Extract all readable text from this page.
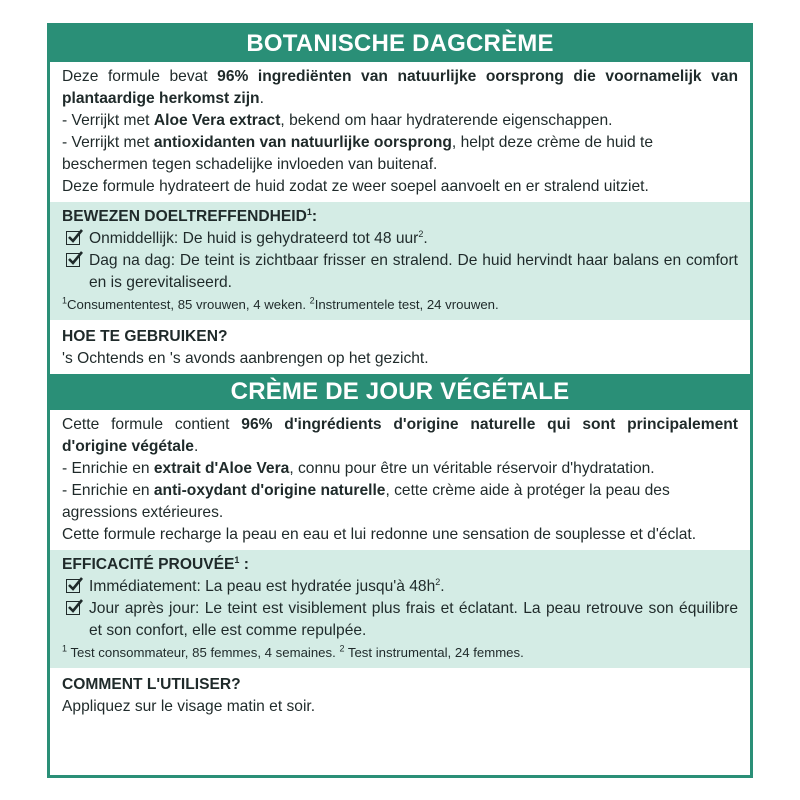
BOTANISCHE DAGCRÈME

Deze formule bevat 96% ingrediënten van natuurlijke oorsprong die voornamelijk van plantaardige herkomst zijn.

- Verrijkt met Aloe Vera extract, bekend om haar hydraterende eigenschappen.

- Verrijkt met antioxidanten van natuurlijke oorsprong, helpt deze crème de huid te beschermen tegen schadelijke invloeden van buitenaf.

Deze formule hydrateert de huid zodat ze weer soepel aanvoelt en er stralend uitziet.

BEWEZEN DOELTREFFENDHEID$^1$:
Onmiddellijk: De huid is gehydrateerd tot 48 uur$^2$.
Dag na dag: De teint is zichtbaar frisser en stralend. De huid hervindt haar balans en comfort en is gerevitaliseerd.
$^1$Consumententest, 85 vrouwen, 4 weken. $^2$Instrumentele test, 24 vrouwen.
HOE TE GEBRUIKEN?
's Ochtends en 's avonds aanbrengen op het gezicht.
CRÈME DE JOUR VÉGÉTALE

Cette formule contient 96% d'ingrédients d'origine naturelle qui sont principalement d'origine végétale.

- Enrichie en extrait d'Aloe Vera, connu pour être un véritable réservoir d'hydratation.

- Enrichie en anti-oxydant d'origine naturelle, cette crème aide à protéger la peau des agressions extérieures.

Cette formule recharge la peau en eau et lui redonne une sensation de souplesse et d'éclat.

EFFICACITÉ PROUVÉE$^1$ :
Immédiatement: La peau est hydratée jusqu'à $48h^2$.
Jour après jour: Le teint est visiblement plus frais et éclatant. La peau retrouve son équilibre et son confort, elle est comme repulpée.
$^1$ Test consommateur, 85 femmes, 4 semaines. $^2$ Test instrumental, 24 femmes.
COMMENT L'UTILISER?
Appliquez sur le visage matin et soir.
